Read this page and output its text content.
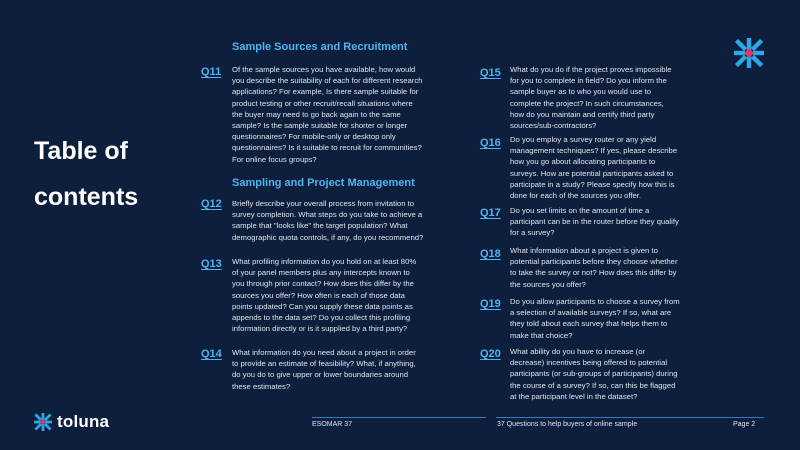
Table of
contents
Sample Sources and Recruitment
Q11 Of the sample sources you have available, how would you describe the suitability of each for different research applications? For example, Is there sample suitable for product testing or other recruit/recall situations where the buyer may need to go back again to the same sample? Is the sample suitable for shorter or longer questionnaires? For mobile-only or desktop only questionnaires? Is it suitable to recruit for communities? For online focus groups?

Sampling and Project Management
Q12 Briefly describe your overall process from invitation to survey completion. What steps do you take to achieve a sample that "looks like" the target population? What demographic quota controls, if any, do you recommend?

Q13 What profiling information do you hold on at least 80% of your panel members plus any intercepts known to you through prior contact? How does this differ by the sources you offer? How often is each of those data points updated? Can you supply these data points as appends to the data set? Do you collect this profiling information directly or is it supplied by a third party?

Q14 What information do you need about a project in order to provide an estimate of feasibility? What, if anything, do you do to give upper or lower boundaries around these estimates?

Q15 What do you do if the project proves impossible for you to complete in field? Do you inform the sample buyer as to who you would use to complete the project? In such circumstances, how do you maintain and certify third party sources/sub-contractors?

Q16 Do you employ a survey router or any yield management techniques? If yes, please describe how you go about allocating participants to surveys. How are potential participants asked to participate in a study? Please specify how this is done for each of the sources you offer.

Q17 Do you set limits on the amount of time a participant can be in the router before they qualify for a survey?

Q18 What information about a project is given to potential participants before they choose whether to take the survey or not? How does this differ by the sources you offer?

Q19 Do you allow participants to choose a survey from a selection of available surveys? If so, what are they told about each survey that helps them to make that choice?

Q20 What ability do you have to increase (or decrease) incentives being offered to potential participants (or sub-groups of participants) during the course of a survey? If so, can this be flagged at the participant level in the dataset?

toluna	ESOMAR 37	37 Questions to help buyers of online sample	Page 2
